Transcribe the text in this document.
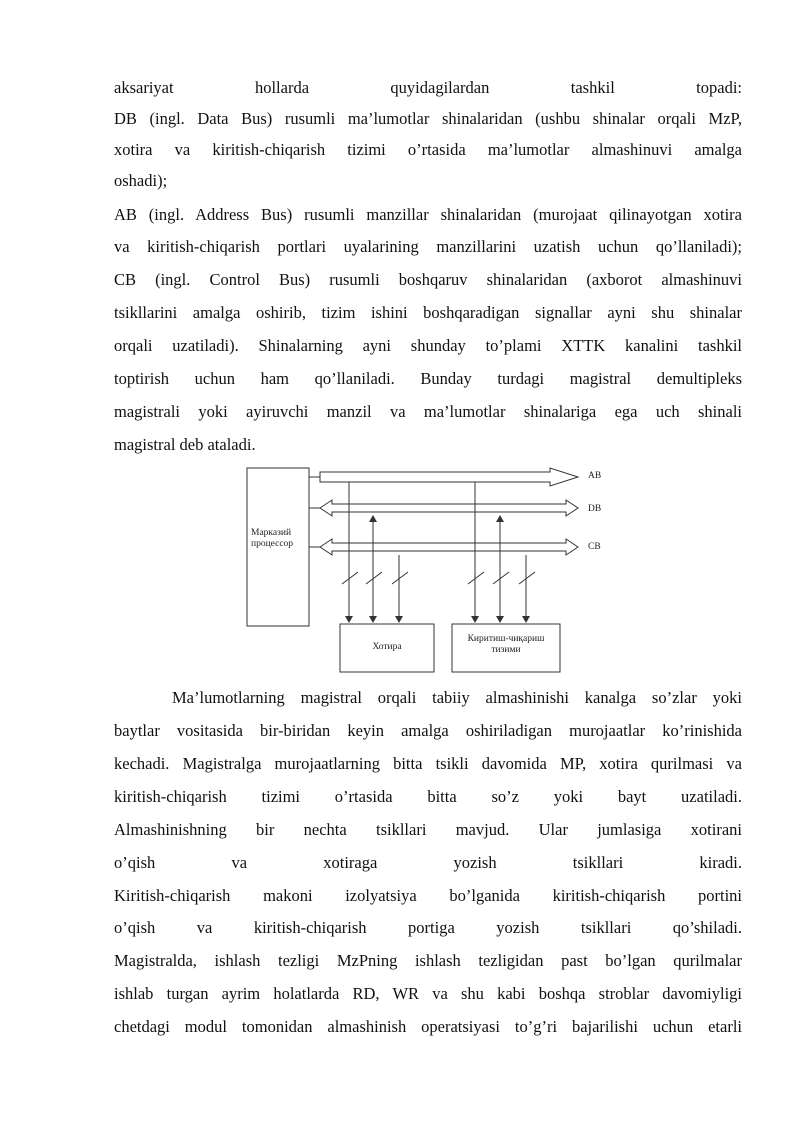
aksariyat hollarda quyidagilardan tashkil topadi:
DB (ingl. Data Bus) rusumli ma’lumotlar shinalaridan (ushbu shinalar orqali MzP,
xotira va kiritish-chiqarish tizimi o’rtasida ma’lumotlar almashinuvi amalga
oshadi);
AB (ingl. Address Bus) rusumli manzillar shinalaridan (murojaat qilinayotgan xotira
va kiritish-chiqarish portlari uyalarining manzillarini uzatish uchun qo’llaniladi);
CB (ingl. Control Bus) rusumli boshqaruv shinalaridan (axborot almashinuvi
tsikllarini amalga oshirib, tizim ishini boshqaradigan signallar ayni shu shinalar
orqali uzatiladi). Shinalarning ayni shunday to’plami XTTK kanalini tashkil
toptirish uchun ham qo’llaniladi. Bunday turdagi magistral demultipleks
magistrali yoki ayiruvchi manzil va ma’lumotlar shinalariga ega uch shinali
magistral deb ataladi.
Марказий процессор
AB
DB
CB
Хотира
Киритиш-чиқариш тизими
Ma’lumotlarning magistral orqali tabiiy almashinishi kanalga so’zlar yoki
baytlar vositasida bir-biridan keyin amalga oshiriladigan murojaatlar ko’rinishida
kechadi. Magistralga murojaatlarning bitta tsikli davomida MP, xotira qurilmasi va
kiritish-chiqarish tizimi o’rtasida bitta so’z yoki bayt uzatiladi.
Almashinishning bir nechta tsikllari mavjud. Ular jumlasiga xotirani
o’qish va xotiraga yozish tsikllari kiradi.
Kiritish-chiqarish makoni izolyatsiya bo’lganida kiritish-chiqarish portini
o’qish va kiritish-chiqarish portiga yozish tsikllari qo’shiladi.
Magistralda, ishlash tezligi MzPning ishlash tezligidan past bo’lgan qurilmalar
ishlab turgan ayrim holatlarda RD, WR va shu kabi boshqa stroblar davomiyligi
chetdagi modul tomonidan almashinish operatsiyasi to’g’ri bajarilishi uchun etarli
